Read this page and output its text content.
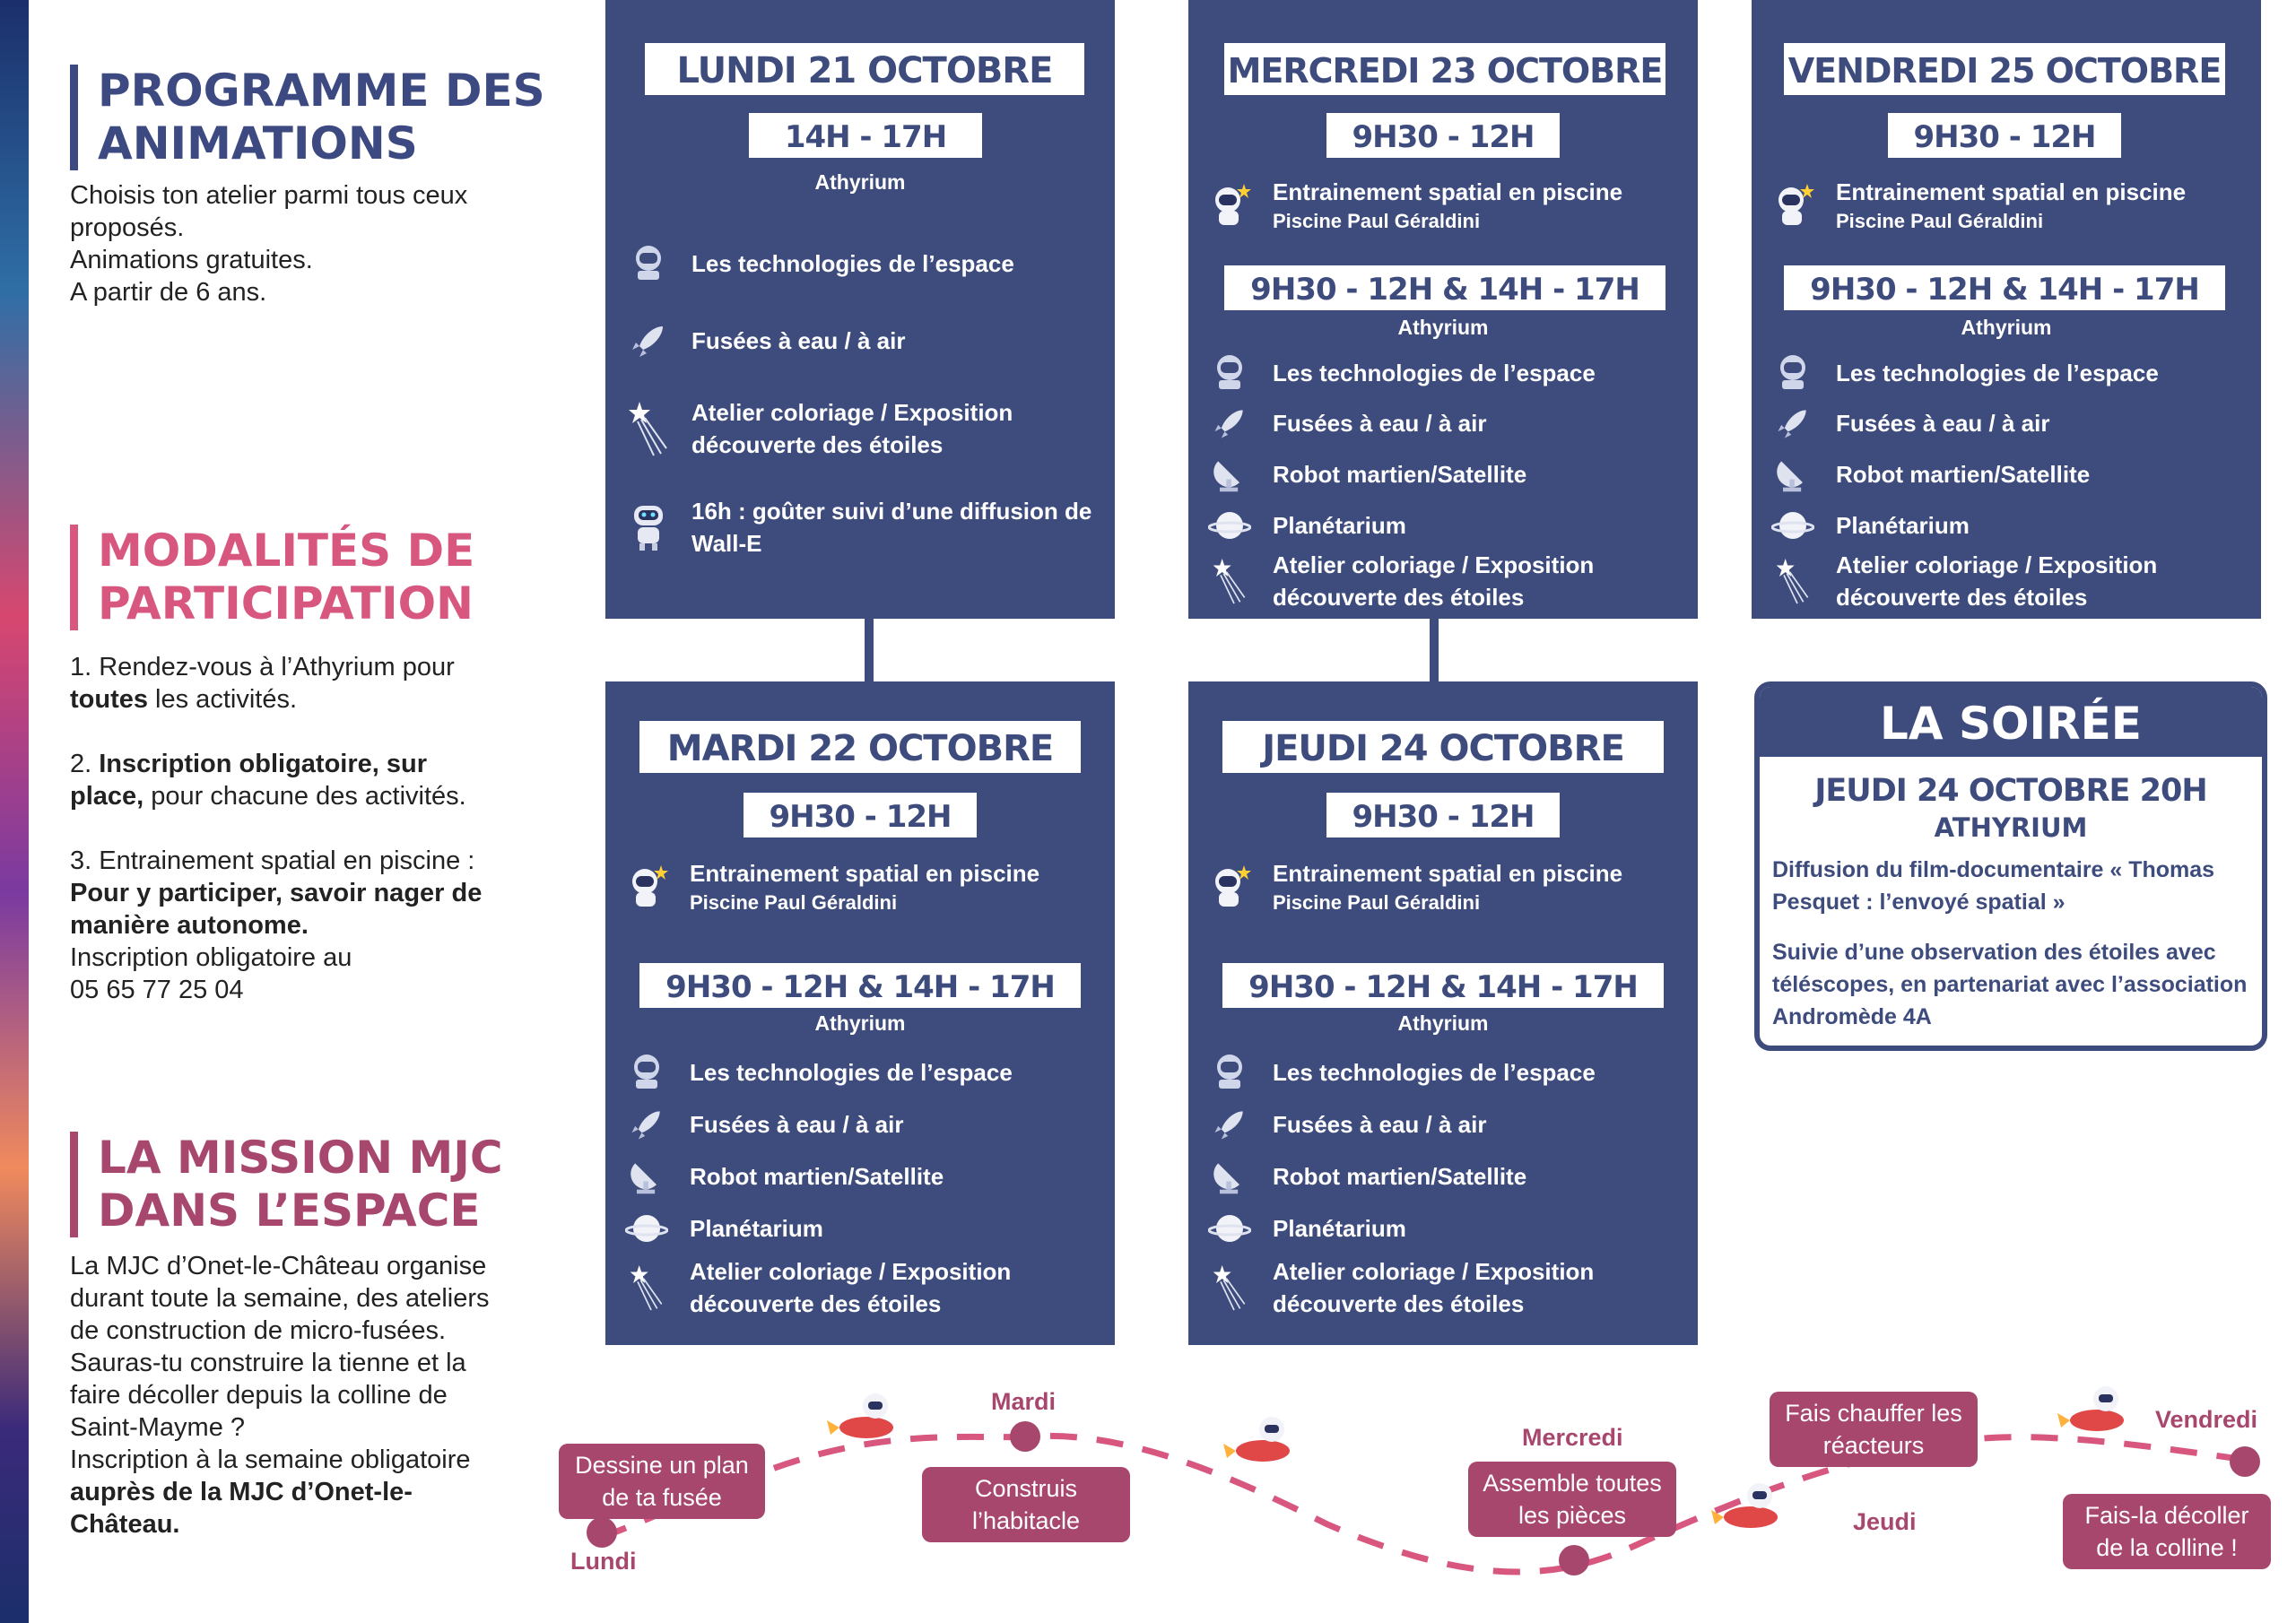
PROGRAMME DES
ANIMATIONS
Choisis ton atelier parmi tous ceux
proposés.
Animations gratuites.
A partir de 6 ans.
MODALITÉS DE
PARTICIPATION
1. Rendez-vous à l’Athyrium pour
toutes les activités.
2. Inscription obligatoire, sur
place, pour chacune des activités.
3. Entrainement spatial en piscine :
Pour y participer, savoir nager de
manière autonome.
Inscription obligatoire au
05 65 77 25 04
LA MISSION MJC
DANS L’ESPACE
La MJC d’Onet-le-Château organise
durant toute la semaine, des ateliers
de construction de micro-fusées.
Sauras-tu construire la tienne et la
faire décoller depuis la colline de
Saint-Mayme ?
Inscription à la semaine obligatoire
auprès de la MJC d’Onet-le-
Château.
LUNDI 21 OCTOBRE
14H - 17H
Athyrium
Les technologies de l’espace
Fusées à eau / à air
Atelier coloriage / Exposition
découverte des étoiles
16h : goûter suivi d’une diffusion de
Wall-E
MERCREDI 23 OCTOBRE
9H30 - 12H
Entrainement spatial en piscine
Piscine Paul Géraldini
9H30 - 12H & 14H - 17H
Athyrium
Les technologies de l’espace
Fusées à eau / à air
Robot martien/Satellite
Planétarium
Atelier coloriage / Exposition
découverte des étoiles
VENDREDI 25 OCTOBRE
9H30 - 12H
Entrainement spatial en piscine
Piscine Paul Géraldini
9H30 - 12H & 14H - 17H
Athyrium
Les technologies de l’espace
Fusées à eau / à air
Robot martien/Satellite
Planétarium
Atelier coloriage / Exposition
découverte des étoiles
MARDI 22 OCTOBRE
9H30 - 12H
Entrainement spatial en piscine
Piscine Paul Géraldini
9H30 - 12H & 14H - 17H
Athyrium
Les technologies de l’espace
Fusées à eau / à air
Robot martien/Satellite
Planétarium
Atelier coloriage / Exposition
découverte des étoiles
JEUDI 24 OCTOBRE
9H30 - 12H
Entrainement spatial en piscine
Piscine Paul Géraldini
9H30 - 12H & 14H - 17H
Athyrium
Les technologies de l’espace
Fusées à eau / à air
Robot martien/Satellite
Planétarium
Atelier coloriage / Exposition
découverte des étoiles
LA SOIRÉE
JEUDI 24 OCTOBRE 20H
ATHYRIUM
Diffusion du film-documentaire « Thomas Pesquet : l’envoyé spatial »
Suivie d’une observation des étoiles avec téléscopes, en partenariat avec l’association Andromède 4A
Dessine un plan
de ta fusée
Lundi
Mardi
Construis
l’habitacle
Mercredi
Assemble toutes
les pièces
Fais chauffer les
réacteurs
Jeudi
Vendredi
Fais-la décoller
de la colline !
